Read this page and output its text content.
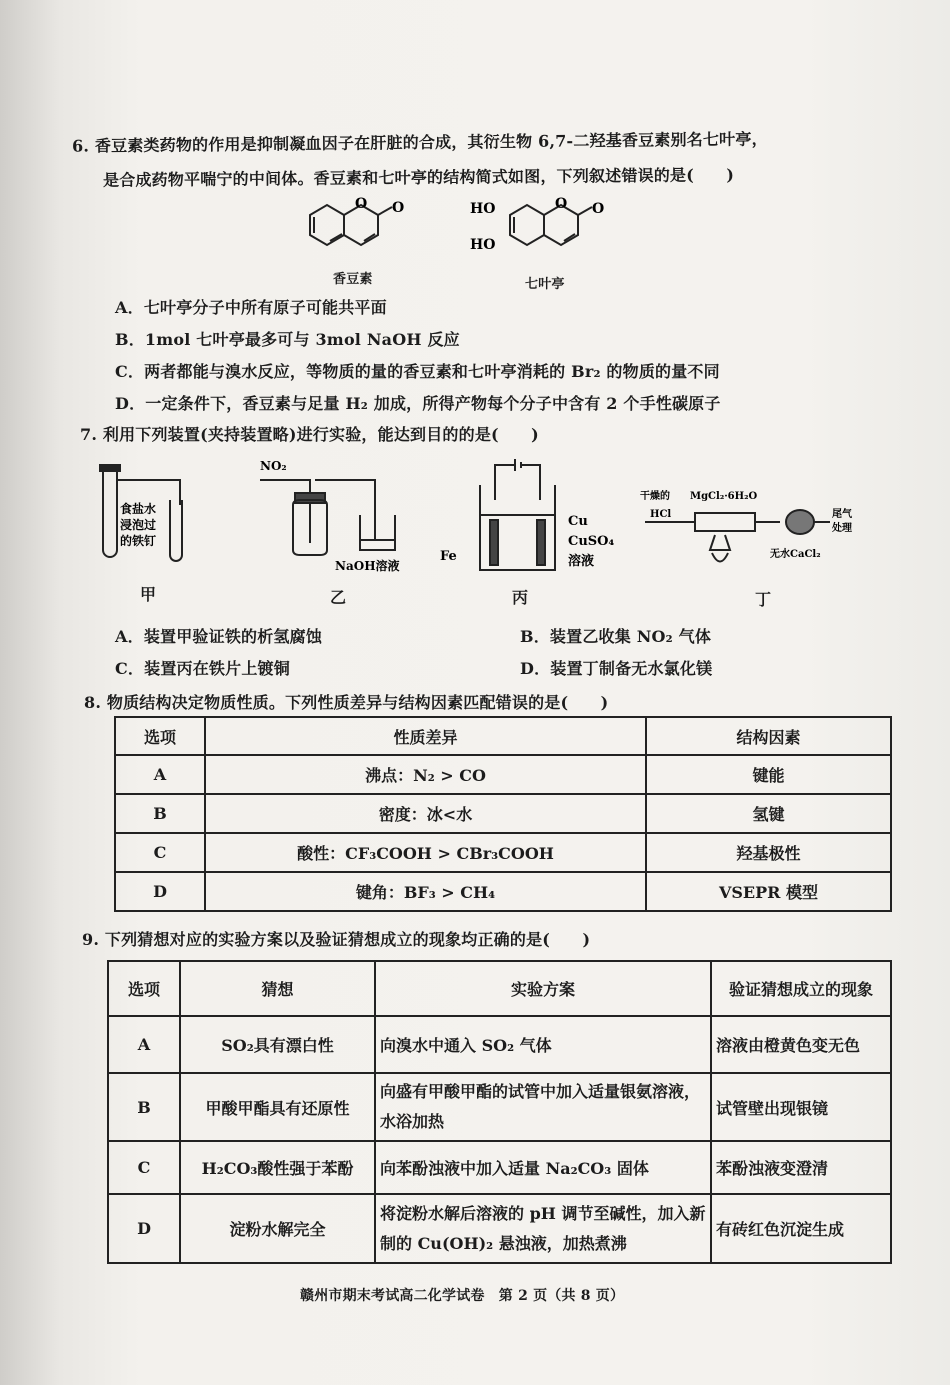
6. 香豆素类药物的作用是抑制凝血因子在肝脏的合成，其衍生物 6,7-二羟基香豆素别名七叶亭，
是合成药物平喘宁的中间体。香豆素和七叶亭的结构简式如图，下列叙述错误的是(　　)
O O
香豆素
HO
HO
O O
七叶亭
A．七叶亭分子中所有原子可能共平面
B．1mol 七叶亭最多可与 3mol NaOH 反应
C．两者都能与溴水反应，等物质的量的香豆素和七叶亭消耗的 Br₂ 的物质的量不同
D．一定条件下，香豆素与足量 H₂ 加成，所得产物每个分子中含有 2 个手性碳原子
7. 利用下列装置(夹持装置略)进行实验，能达到目的的是(　　)
食盐水
浸泡过
的铁钉
甲
NO₂
NaOH溶液
乙
Cu
CuSO₄
溶液
Fe
丙
干燥的
HCl
MgCl₂·6H₂O
无水CaCl₂
尾气
处理
丁
A．装置甲验证铁的析氢腐蚀	B．装置乙收集 NO₂ 气体
C．装置丙在铁片上镀铜	D．装置丁制备无水氯化镁
8. 物质结构决定物质性质。下列性质差异与结构因素匹配错误的是(　　)
选项	性质差异	结构因素
A	沸点：N₂ > CO	键能
B	密度：冰<水	氢键
C	酸性：CF₃COOH > CBr₃COOH	羟基极性
D	键角：BF₃ > CH₄	VSEPR 模型
9. 下列猜想对应的实验方案以及验证猜想成立的现象均正确的是(　　)
选项	猜想	实验方案	验证猜想成立的现象
A	SO₂具有漂白性	向溴水中通入 SO₂ 气体	溶液由橙黄色变无色
B	甲酸甲酯具有还原性	向盛有甲酸甲酯的试管中加入适量银氨溶液，水浴加热	试管壁出现银镜
C	H₂CO₃酸性强于苯酚	向苯酚浊液中加入适量 Na₂CO₃ 固体	苯酚浊液变澄清
D	淀粉水解完全	将淀粉水解后溶液的 pH 调节至碱性，加入新制的 Cu(OH)₂ 悬浊液，加热煮沸	有砖红色沉淀生成
赣州市期末考试高二化学试卷　第 2 页（共 8 页）
